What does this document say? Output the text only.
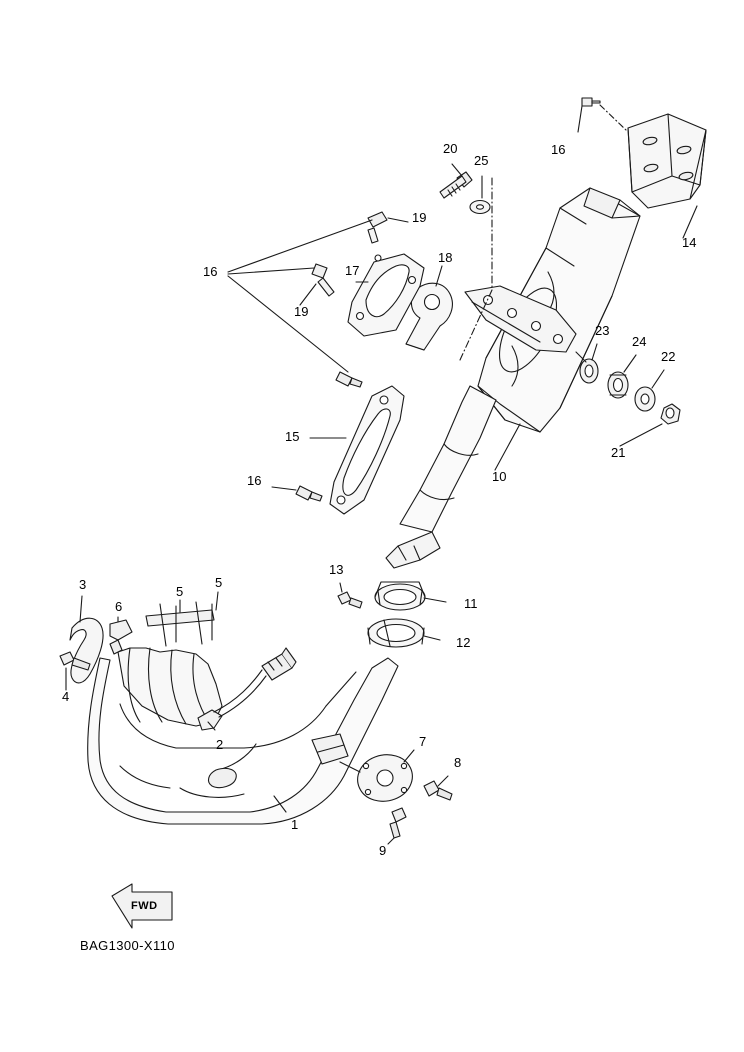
1
2
3
4
5
5
6
7
8
9
10
11
12
13
14
15
16
16
16
17
18
19
19
20
21
22
23
24
25
FWD
BAG1300-X110
